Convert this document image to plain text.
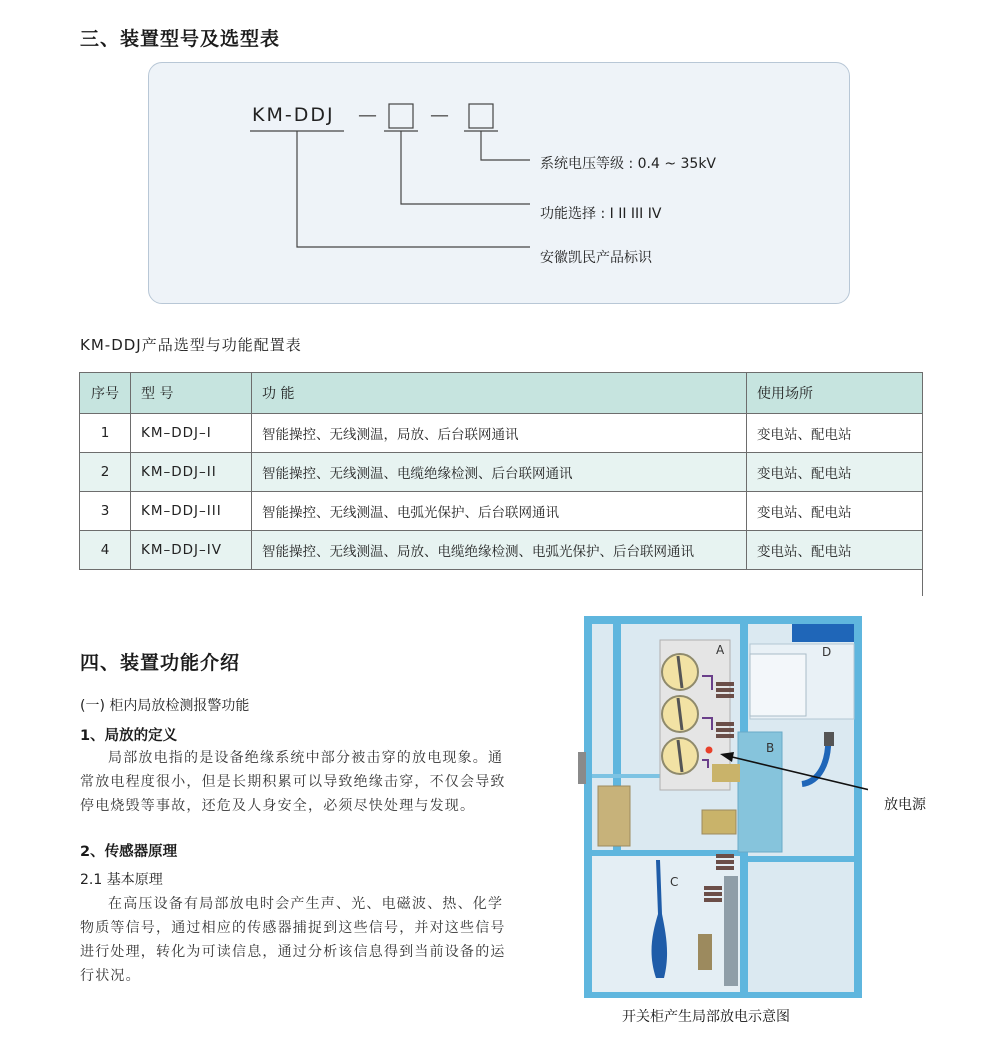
三、装置型号及选型表
KM-DDJ —	—
系统电压等级 : 0.4 ~ 35kV
功能选择 : I II III IV
安徽凯民产品标识
KM-DDJ产品选型与功能配置表
序号	型 号	功 能	使用场所
1	KM–DDJ–I	智能操控、无线测温，局放、后台联网通讯	变电站、配电站
2	KM–DDJ–II	智能操控、无线测温、电缆绝缘检测、后台联网通讯	变电站、配电站
3	KM–DDJ–III	智能操控、无线测温、电弧光保护、后台联网通讯	变电站、配电站
4	KM–DDJ–IV	智能操控、无线测温、局放、电缆绝缘检测、电弧光保护、后台联网通讯	变电站、配电站
四、装置功能介绍
(一) 柜内局放检测报警功能
1、局放的定义
局部放电指的是设备绝缘系统中部分被击穿的放电现象。通
常放电程度很小，但是长期积累可以导致绝缘击穿，不仅会导致
停电烧毁等事故，还危及人身安全，必须尽快处理与发现。
2、传感器原理
2.1 基本原理
在高压设备有局部放电时会产生声、光、电磁波、热、化学
物质等信号，通过相应的传感器捕捉到这些信号，并对这些信号
进行处理，转化为可读信息，通过分析该信息得到当前设备的运
行状况。
A
B
C
D
放电源
开关柜产生局部放电示意图
